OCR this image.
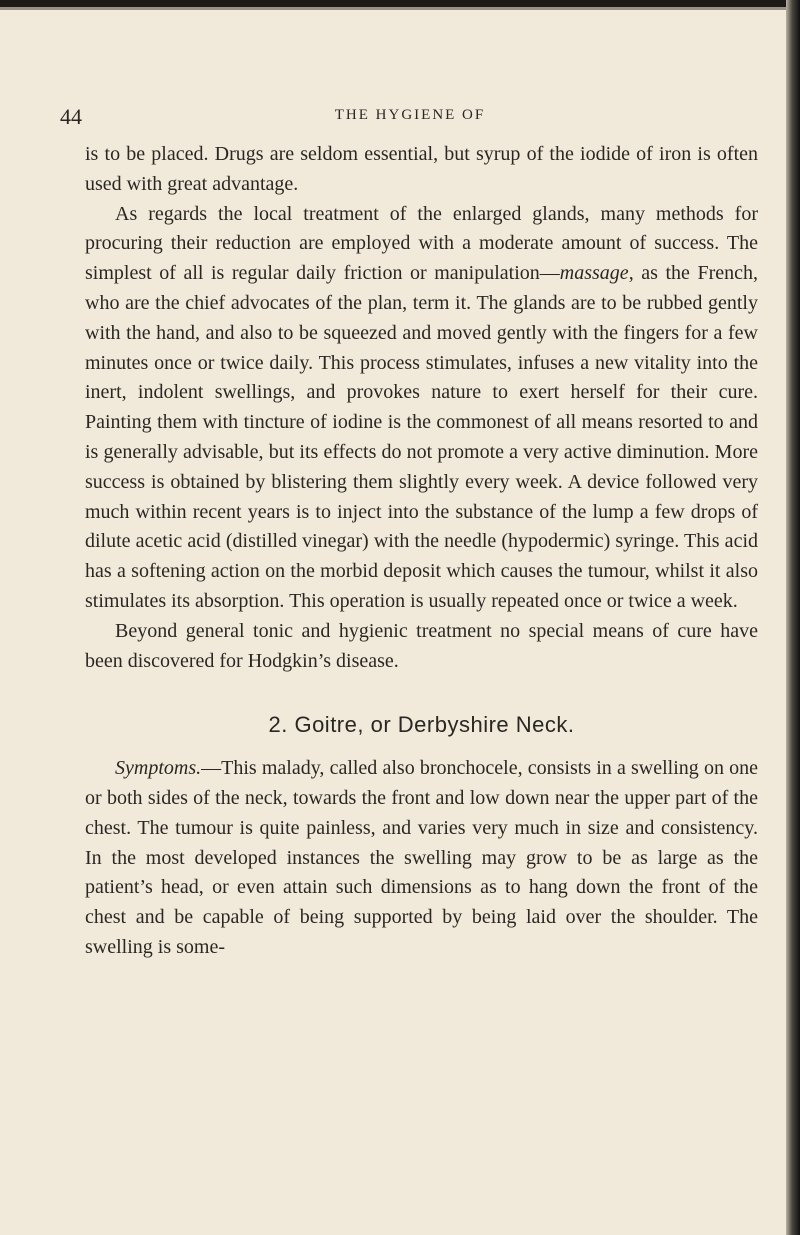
44	THE HYGIENE OF

is to be placed. Drugs are seldom essential, but syrup of the iodide of iron is often used with great advantage.

As regards the local treatment of the enlarged glands, many methods for procuring their reduction are employed with a moderate amount of success. The simplest of all is regular daily friction or manipulation—massage, as the French, who are the chief advocates of the plan, term it. The glands are to be rubbed gently with the hand, and also to be squeezed and moved gently with the fingers for a few minutes once or twice daily. This process stimulates, infuses a new vitality into the inert, indolent swellings, and provokes nature to exert herself for their cure. Painting them with tincture of iodine is the commonest of all means resorted to and is generally advisable, but its effects do not promote a very active diminution. More success is obtained by blistering them slightly every week. A device followed very much within recent years is to inject into the substance of the lump a few drops of dilute acetic acid (distilled vinegar) with the needle (hypodermic) syringe. This acid has a softening action on the morbid deposit which causes the tumour, whilst it also stimulates its absorption. This operation is usually repeated once or twice a week.

Beyond general tonic and hygienic treatment no special means of cure have been discovered for Hodgkin’s disease.

2. Goitre, or Derbyshire Neck.

Symptoms.—This malady, called also bronchocele, consists in a swelling on one or both sides of the neck, towards the front and low down near the upper part of the chest. The tumour is quite painless, and varies very much in size and consistency. In the most developed instances the swelling may grow to be as large as the patient’s head, or even attain such dimensions as to hang down the front of the chest and be capable of being supported by being laid over the shoulder. The swelling is some-
